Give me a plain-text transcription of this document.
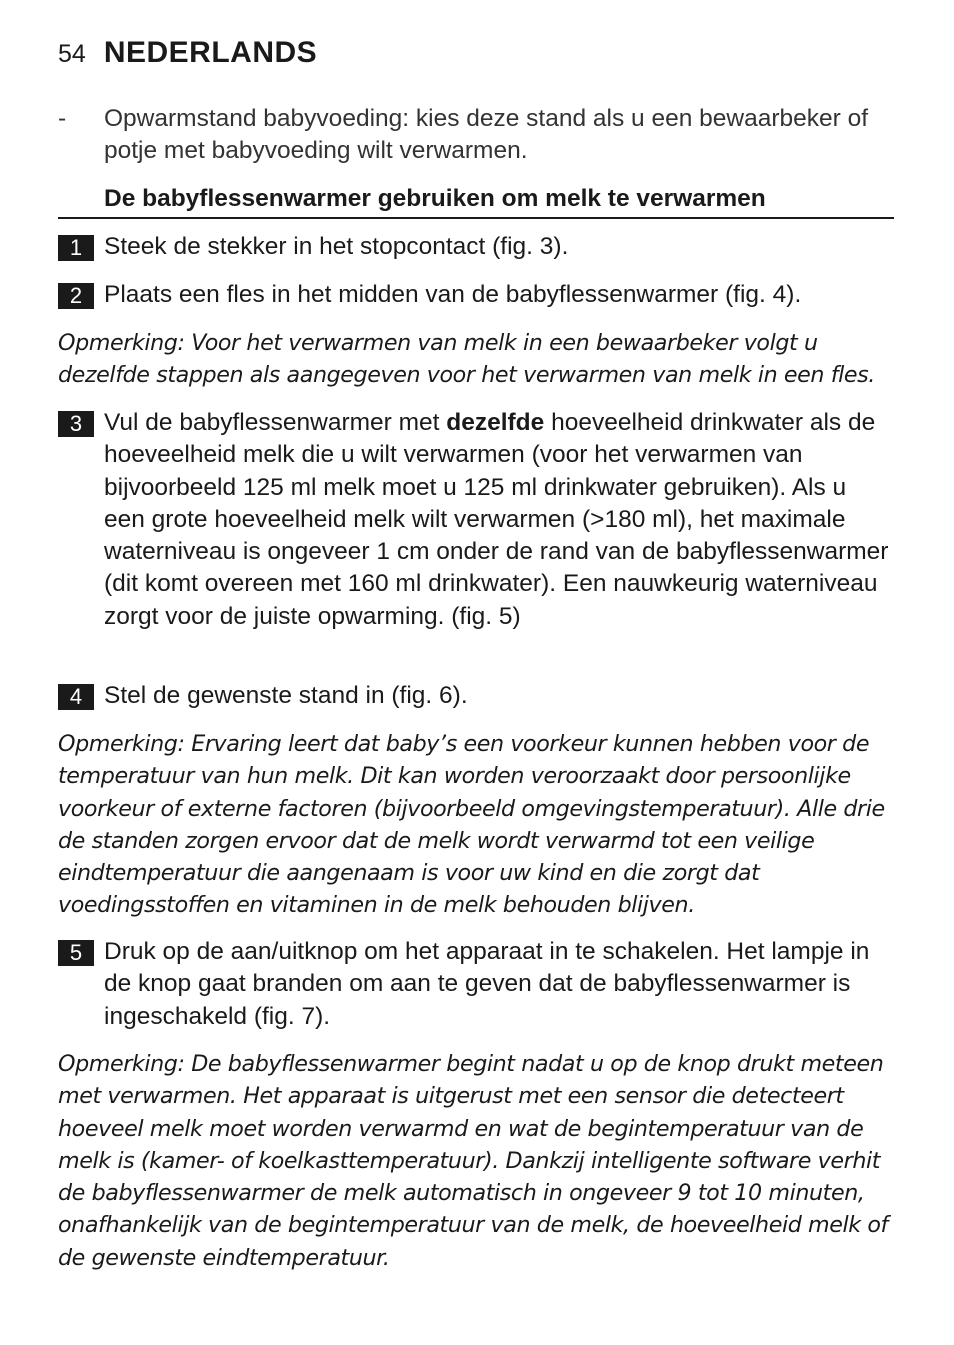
54 NEDERLANDS
-	Opwarmstand babyvoeding: kies deze stand als u een bewaarbeker of potje met babyvoeding wilt verwarmen.
De babyflessenwarmer gebruiken om melk te verwarmen
1 Steek de stekker in het stopcontact (fig. 3).
2 Plaats een fles in het midden van de babyflessenwarmer (fig. 4).
Opmerking: Voor het verwarmen van melk in een bewaarbeker volgt u dezelfde stappen als aangegeven voor het verwarmen van melk in een fles.
3 Vul de babyflessenwarmer met dezelfde hoeveelheid drinkwater als de hoeveelheid melk die u wilt verwarmen (voor het verwarmen van bijvoorbeeld 125 ml melk moet u 125 ml drinkwater gebruiken). Als u een grote hoeveelheid melk wilt verwarmen (>180 ml), het maximale waterniveau is ongeveer 1 cm onder de rand van de babyflessenwarmer (dit komt overeen met 160 ml drinkwater). Een nauwkeurig waterniveau zorgt voor de juiste opwarming. (fig. 5)
4 Stel de gewenste stand in (fig. 6).
Opmerking: Ervaring leert dat baby’s een voorkeur kunnen hebben voor de temperatuur van hun melk. Dit kan worden veroorzaakt door persoonlijke voorkeur of externe factoren (bijvoorbeeld omgevingstemperatuur). Alle drie de standen zorgen ervoor dat de melk wordt verwarmd tot een veilige eindtemperatuur die aangenaam is voor uw kind en die zorgt dat voedingsstoffen en vitaminen in de melk behouden blijven.
5 Druk op de aan/uitknop om het apparaat in te schakelen. Het lampje in de knop gaat branden om aan te geven dat de babyflessenwarmer is ingeschakeld (fig. 7).
Opmerking: De babyflessenwarmer begint nadat u op de knop drukt meteen met verwarmen. Het apparaat is uitgerust met een sensor die detecteert hoeveel melk moet worden verwarmd en wat de begintemperatuur van de melk is (kamer- of koelkasttemperatuur). Dankzij intelligente software verhit de babyflessenwarmer de melk automatisch in ongeveer 9 tot 10 minuten, onafhankelijk van de begintemperatuur van de melk, de hoeveelheid melk of de gewenste eindtemperatuur.
